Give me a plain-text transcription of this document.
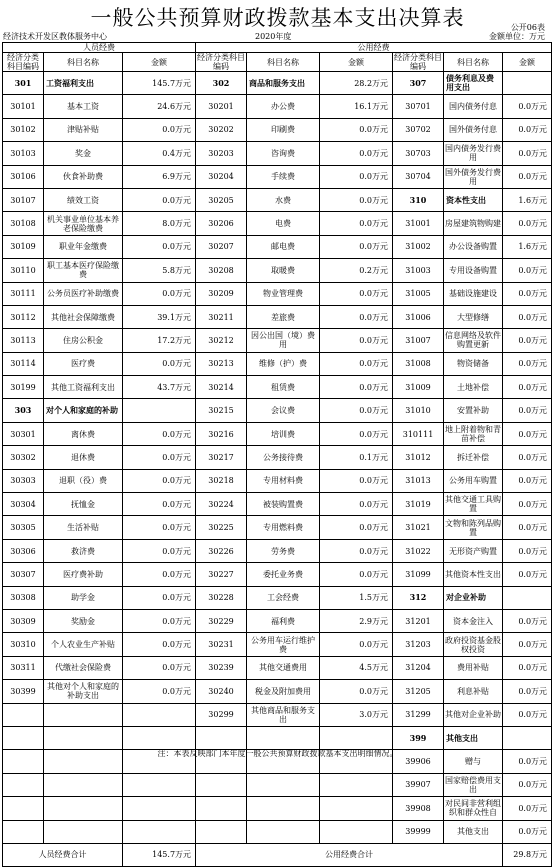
一般公共预算财政拨款基本支出决算表	公开06表
经济技术开发区教体服务中心	2020年度	金额单位：万元
人员经费			公用经费					
经济分类科目编码	科目名称	金额	经济分类科目编码	科目名称	金额	经济分类科目编码	科目名称	金额
301	工资福利支出	145.7万元	302	商品和服务支出	28.2万元	307	债务利息及费用支出	
30101	基本工资	24.6万元	30201	办公费	16.1万元	30701	国内债务付息	0.0万元
30102	津贴补贴	0.0万元	30202	印刷费	0.0万元	30702	国外债务付息	0.0万元
30103	奖金	0.4万元	30203	咨询费	0.0万元	30703	国内债务发行费用	0.0万元
30106	伙食补助费	6.9万元	30204	手续费	0.0万元	30704	国外债务发行费用	0.0万元
30107	绩效工资	0.0万元	30205	水费	0.0万元	310	资本性支出	1.6万元
30108	机关事业单位基本养老保险缴费	8.0万元	30206	电费	0.0万元	31001	房屋建筑物购建	0.0万元
30109	职业年金缴费	0.0万元	30207	邮电费	0.0万元	31002	办公设备购置	1.6万元
30110	职工基本医疗保险缴费	5.8万元	30208	取暖费	0.2万元	31003	专用设备购置	0.0万元
30111	公务员医疗补助缴费	0.0万元	30209	物业管理费	0.0万元	31005	基础设施建设	0.0万元
30112	其他社会保障缴费	39.1万元	30211	差旅费	0.0万元	31006	大型修缮	0.0万元
30113	住房公积金	17.2万元	30212	因公出国（境）费用	0.0万元	31007	信息网络及软件购置更新	0.0万元
30114	医疗费	0.0万元	30213	维修（护）费	0.0万元	31008	物资储备	0.0万元
30199	其他工资福利支出	43.7万元	30214	租赁费	0.0万元	31009	土地补偿	0.0万元
303	对个人和家庭的补助		30215	会议费	0.0万元	31010	安置补助	0.0万元
30301	离休费	0.0万元	30216	培训费	0.0万元	310111	地上附着物和青苗补偿	0.0万元
30302	退休费	0.0万元	30217	公务接待费	0.1万元	31012	拆迁补偿	0.0万元
30303	退职（役）费	0.0万元	30218	专用材料费	0.0万元	31013	公务用车购置	0.0万元
30304	抚恤金	0.0万元	30224	被装购置费	0.0万元	31019	其他交通工具购置	0.0万元
30305	生活补贴	0.0万元	30225	专用燃料费	0.0万元	31021	文物和陈列品购置	0.0万元
30306	救济费	0.0万元	30226	劳务费	0.0万元	31022	无形资产购置	0.0万元
30307	医疗费补助	0.0万元	30227	委托业务费	0.0万元	31099	其他资本性支出	0.0万元
30308	助学金	0.0万元	30228	工会经费	1.5万元	312	对企业补助	
30309	奖励金	0.0万元	30229	福利费	2.9万元	31201	资本金注入	0.0万元
30310	个人农业生产补贴	0.0万元	30231	公务用车运行维护费	0.0万元	31203	政府投资基金股权投资	0.0万元
30311	代缴社会保险费	0.0万元	30239	其他交通费用	4.5万元	31204	费用补贴	0.0万元
30399	其他对个人和家庭的补助支出	0.0万元	30240	税金及附加费用	0.0万元	31205	利息补贴	0.0万元
			30299	其他商品和服务支出	3.0万元	31299	其他对企业补助	0.0万元
						399	其他支出	
						39906	赠与	0.0万元
						39907	国家赔偿费用支出	0.0万元
						39908	对民间非营利组织和群众性自	0.0万元
						39999	其他支出	0.0万元
人员经费合计		145.7万元	公用经费合计					29.8万元
注：本表反映部门本年度一般公共预算财政拨款基本支出明细情况。
